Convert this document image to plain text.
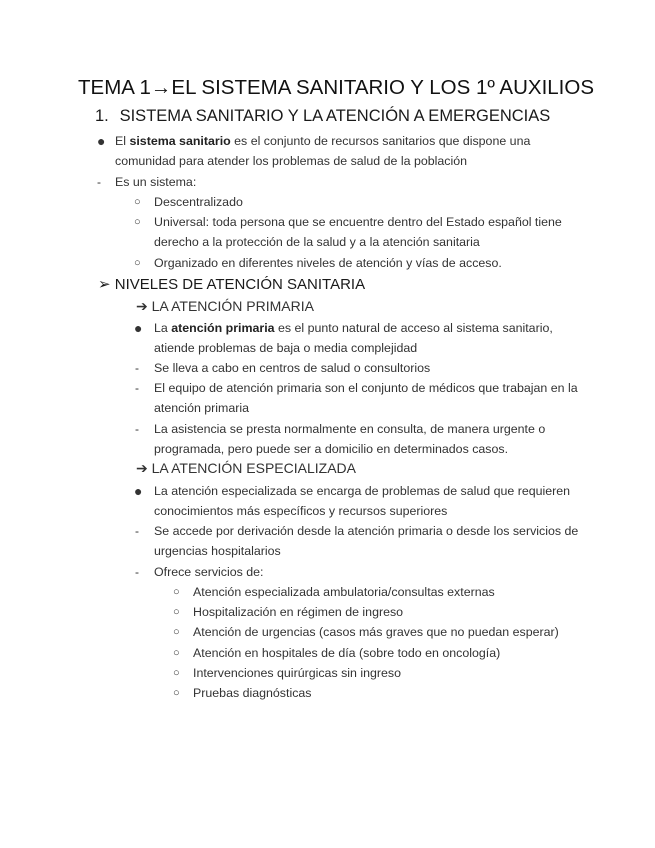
TEMA 1→EL SISTEMA SANITARIO Y LOS 1º AUXILIOS
1. SISTEMA SANITARIO Y LA ATENCIÓN A EMERGENCIAS
● El sistema sanitario es el conjunto de recursos sanitarios que dispone una comunidad para atender los problemas de salud de la población
- Es un sistema:
○ Descentralizado
○ Universal: toda persona que se encuentre dentro del Estado español tiene derecho a la protección de la salud y a la atención sanitaria
○ Organizado en diferentes niveles de atención y vías de acceso.
➢ NIVELES DE ATENCIÓN SANITARIA
➔ LA ATENCIÓN PRIMARIA
● La atención primaria es el punto natural de acceso al sistema sanitario, atiende problemas de baja o media complejidad
- Se lleva a cabo en centros de salud o consultorios
- El equipo de atención primaria son el conjunto de médicos que trabajan en la atención primaria
- La asistencia se presta normalmente en consulta, de manera urgente o programada, pero puede ser a domicilio en determinados casos.
➔ LA ATENCIÓN ESPECIALIZADA
● La atención especializada se encarga de problemas de salud que requieren conocimientos más específicos y recursos superiores
- Se accede por derivación desde la atención primaria o desde los servicios de urgencias hospitalarios
- Ofrece servicios de:
○ Atención especializada ambulatoria/consultas externas
○ Hospitalización en régimen de ingreso
○ Atención de urgencias (casos más graves que no puedan esperar)
○ Atención en hospitales de día (sobre todo en oncología)
○ Intervenciones quirúrgicas sin ingreso
○ Pruebas diagnósticas
